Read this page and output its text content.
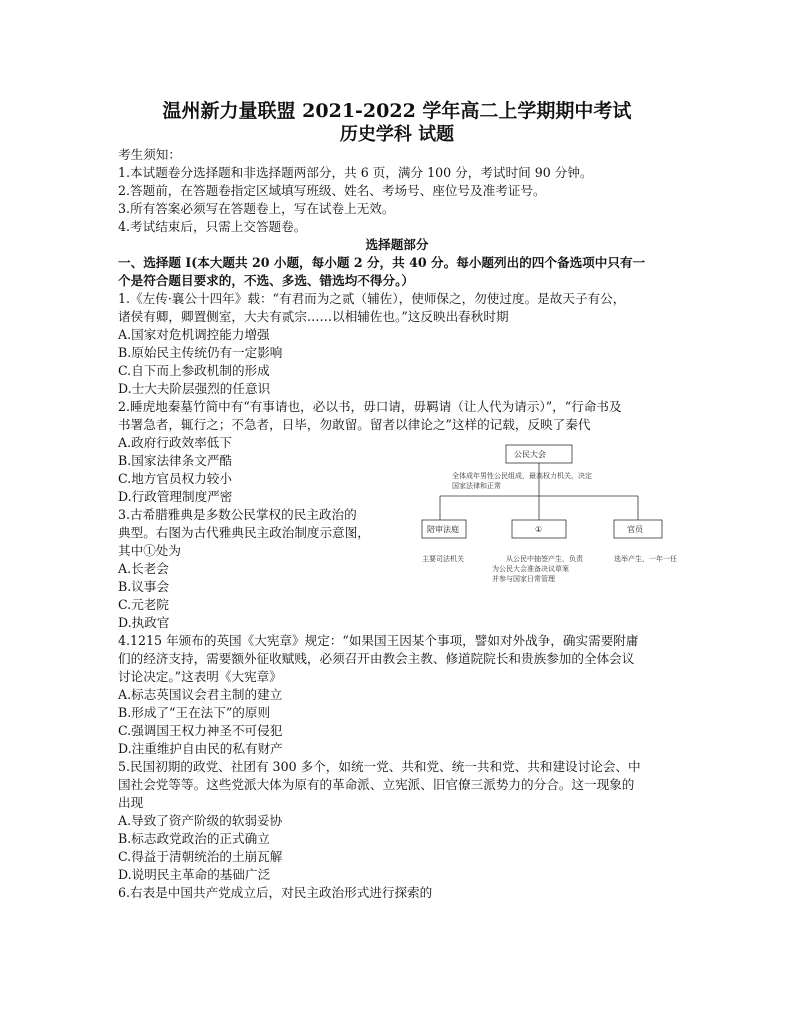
温州新力量联盟 2021-2022 学年高二上学期期中考试
历史学科 试题
考生须知：
1.本试题卷分选择题和非选择题两部分，共 6 页，满分 100 分，考试时间 90 分钟。
2.答题前，在答题卷指定区域填写班级、姓名、考场号、座位号及准考证号。
3.所有答案必须写在答题卷上，写在试卷上无效。
4.考试结束后，只需上交答题卷。
选择题部分
一、选择题 I(本大题共 20 小题，每小题 2 分，共 40 分。每小题列出的四个备选项中只有一
个是符合题目要求的，不选、多选、错选均不得分。）
1.《左传·襄公十四年》载：“有君而为之贰（辅佐），使师保之，勿使过度。是故天子有公，
诸侯有卿，卿置侧室，大夫有贰宗……以相辅佐也。”这反映出春秋时期
A.国家对危机调控能力增强
B.原始民主传统仍有一定影响
C.自下而上参政机制的形成
D.士大夫阶层强烈的任意识
2.睡虎地秦墓竹简中有“有事请也，必以书，毋口请，毋羁请（让人代为请示）”，“行命书及
书署急者，辄行之；不急者，日毕，勿敢留。留者以律论之”这样的记载，反映了秦代
A.政府行政效率低下
B.国家法律条文严酷
C.地方官员权力较小
D.行政管理制度严密
3.古希腊雅典是多数公民掌权的民主政治的
典型。右图为古代雅典民主政治制度示意图，
其中①处为
A.长老会
B.议事会
C.元老院
D.执政官
公民大会
全体成年男性公民组成，最高权力机关，决定
国家法律和正常
陪审法庭	①	官员
主要司法机关	从公民中抽签产生，负责
为公民大会准备决议草案
并参与国家日常管理
选举产生，一年一任
4.1215 年颁布的英国《大宪章》规定：“如果国王因某个事项，譬如对外战争，确实需要附庸
们的经济支持，需要额外征收赋贱，必须召开由教会主教、修道院院长和贵族参加的全体会议
讨论决定。”这表明《大宪章》
A.标志英国议会君主制的建立
B.形成了“王在法下”的原则
C.强调国王权力神圣不可侵犯
D.注重维护自由民的私有财产
5.民国初期的政党、社团有 300 多个，如统一党、共和党、统一共和党、共和建设讨论会、中
国社会党等等。这些党派大体为原有的革命派、立宪派、旧官僚三派势力的分合。这一现象的
出现
A.导致了资产阶级的软弱妥协
B.标志政党政治的正式确立
C.得益于清朝统治的土崩瓦解
D.说明民主革命的基础广泛
6.右表是中国共产党成立后，对民主政治形式进行探索的
